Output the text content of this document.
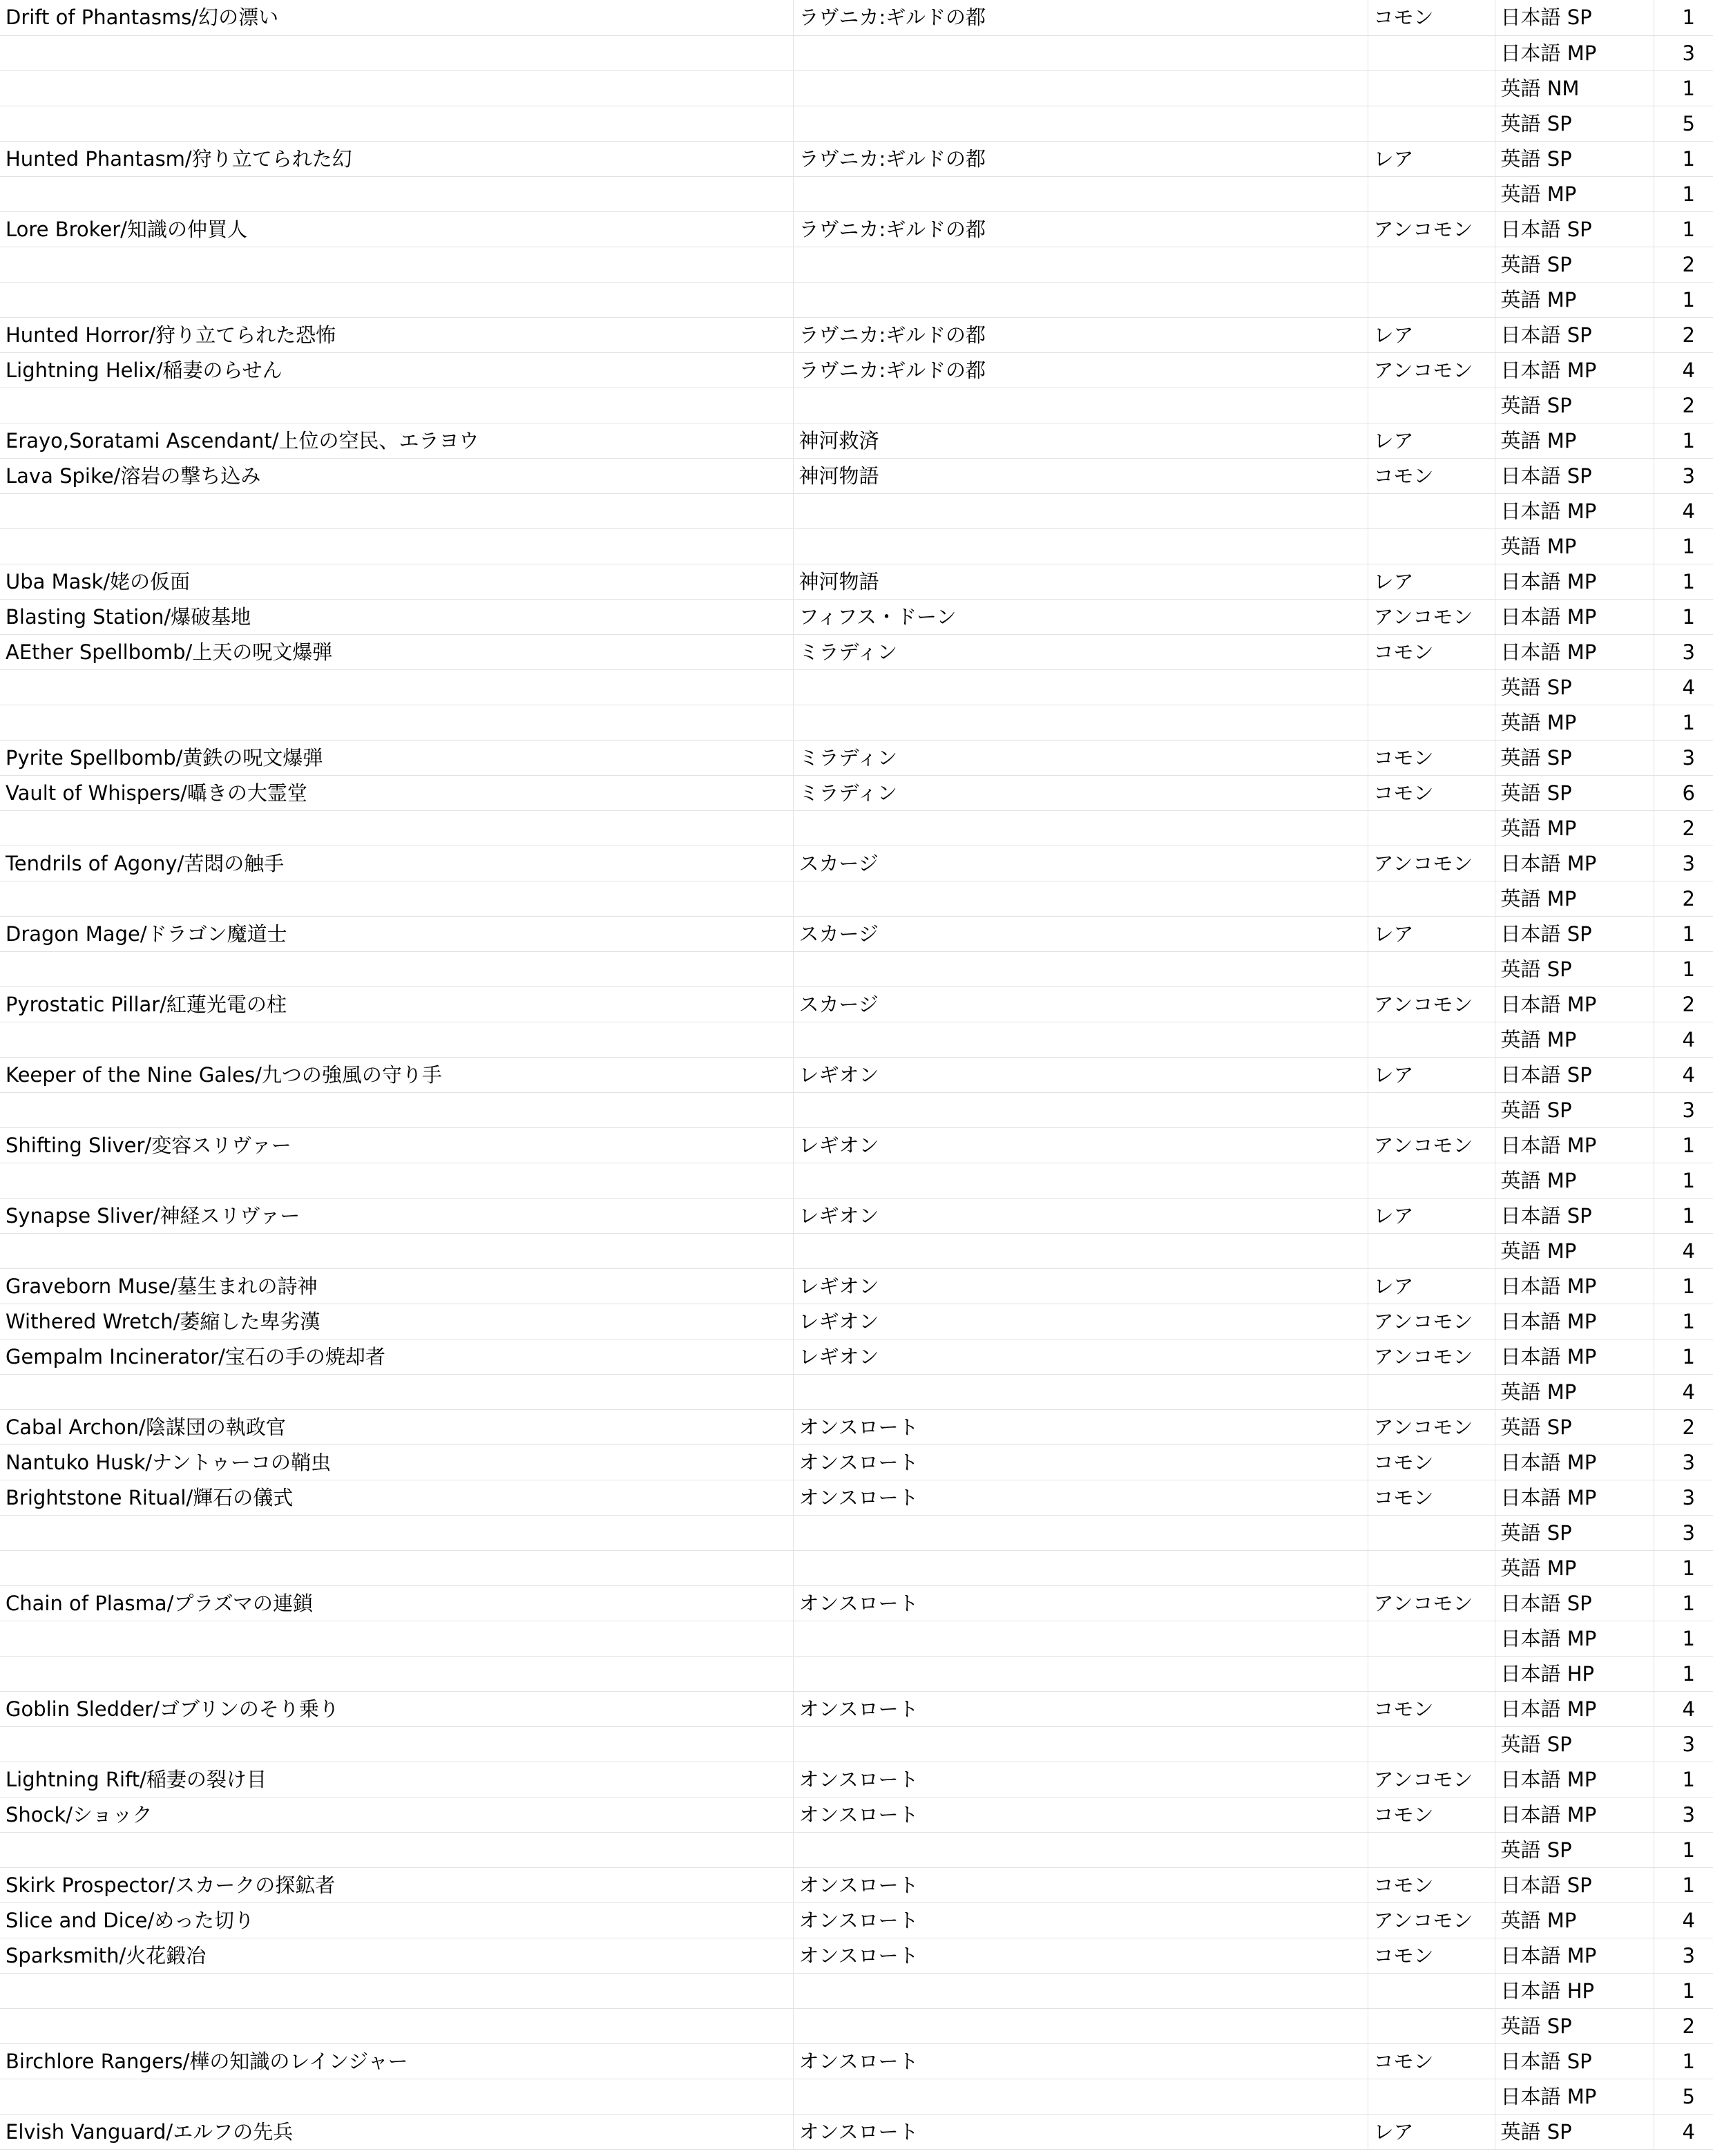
Drift of Phantasms/幻の漂い	ラヴニカ:ギルドの都	コモン	日本語 SP	1
			日本語 MP	3
			英語 NM	1
			英語 SP	5
Hunted Phantasm/狩り立てられた幻	ラヴニカ:ギルドの都	レア	英語 SP	1
			英語 MP	1
Lore Broker/知識の仲買人	ラヴニカ:ギルドの都	アンコモン	日本語 SP	1
			英語 SP	2
			英語 MP	1
Hunted Horror/狩り立てられた恐怖	ラヴニカ:ギルドの都	レア	日本語 SP	2
Lightning Helix/稲妻のらせん	ラヴニカ:ギルドの都	アンコモン	日本語 MP	4
			英語 SP	2
Erayo,Soratami Ascendant/上位の空民、エラヨウ	神河救済	レア	英語 MP	1
Lava Spike/溶岩の撃ち込み	神河物語	コモン	日本語 SP	3
			日本語 MP	4
			英語 MP	1
Uba Mask/姥の仮面	神河物語	レア	日本語 MP	1
Blasting Station/爆破基地	フィフス・ドーン	アンコモン	日本語 MP	1
AEther Spellbomb/上天の呪文爆弾	ミラディン	コモン	日本語 MP	3
			英語 SP	4
			英語 MP	1
Pyrite Spellbomb/黄鉄の呪文爆弾	ミラディン	コモン	英語 SP	3
Vault of Whispers/囁きの大霊堂	ミラディン	コモン	英語 SP	6
			英語 MP	2
Tendrils of Agony/苦悶の触手	スカージ	アンコモン	日本語 MP	3
			英語 MP	2
Dragon Mage/ドラゴン魔道士	スカージ	レア	日本語 SP	1
			英語 SP	1
Pyrostatic Pillar/紅蓮光電の柱	スカージ	アンコモン	日本語 MP	2
			英語 MP	4
Keeper of the Nine Gales/九つの強風の守り手	レギオン	レア	日本語 SP	4
			英語 SP	3
Shifting Sliver/変容スリヴァー	レギオン	アンコモン	日本語 MP	1
			英語 MP	1
Synapse Sliver/神経スリヴァー	レギオン	レア	日本語 SP	1
			英語 MP	4
Graveborn Muse/墓生まれの詩神	レギオン	レア	日本語 MP	1
Withered Wretch/萎縮した卑劣漢	レギオン	アンコモン	日本語 MP	1
Gempalm Incinerator/宝石の手の焼却者	レギオン	アンコモン	日本語 MP	1
			英語 MP	4
Cabal Archon/陰謀団の執政官	オンスロート	アンコモン	英語 SP	2
Nantuko Husk/ナントゥーコの鞘虫	オンスロート	コモン	日本語 MP	3
Brightstone Ritual/輝石の儀式	オンスロート	コモン	日本語 MP	3
			英語 SP	3
			英語 MP	1
Chain of Plasma/プラズマの連鎖	オンスロート	アンコモン	日本語 SP	1
			日本語 MP	1
			日本語 HP	1
Goblin Sledder/ゴブリンのそり乗り	オンスロート	コモン	日本語 MP	4
			英語 SP	3
Lightning Rift/稲妻の裂け目	オンスロート	アンコモン	日本語 MP	1
Shock/ショック	オンスロート	コモン	日本語 MP	3
			英語 SP	1
Skirk Prospector/スカークの探鉱者	オンスロート	コモン	日本語 SP	1
Slice and Dice/めった切り	オンスロート	アンコモン	英語 MP	4
Sparksmith/火花鍛冶	オンスロート	コモン	日本語 MP	3
			日本語 HP	1
			英語 SP	2
Birchlore Rangers/樺の知識のレインジャー	オンスロート	コモン	日本語 SP	1
			日本語 MP	5
Elvish Vanguard/エルフの先兵	オンスロート	レア	英語 SP	4
